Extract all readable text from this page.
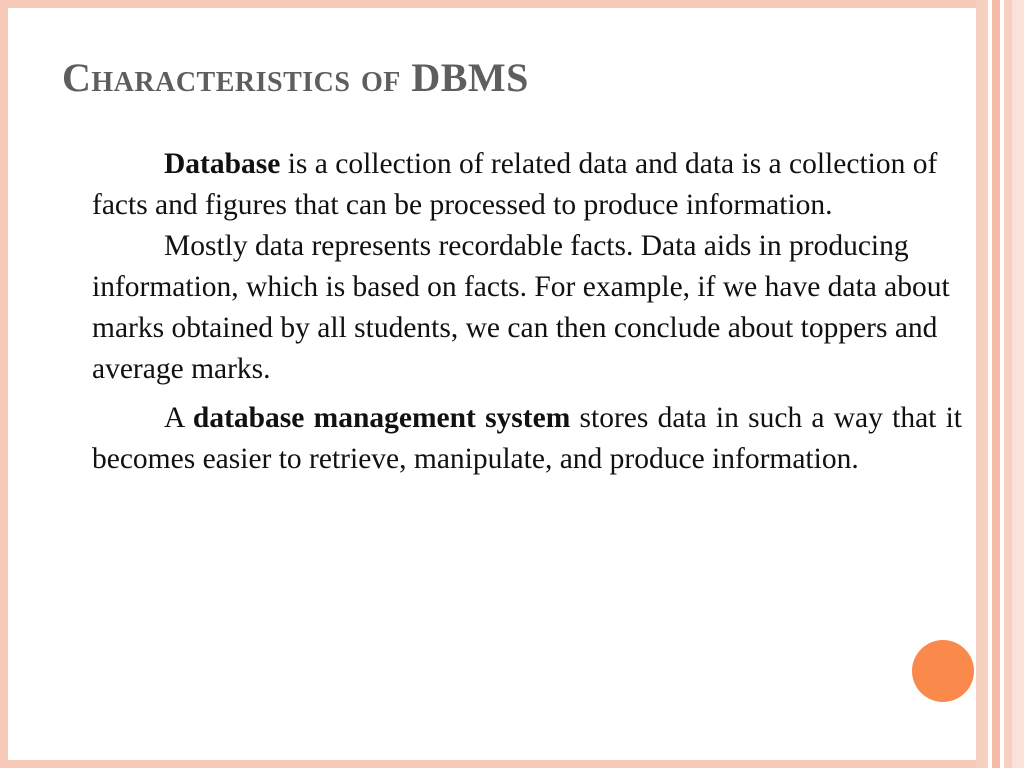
Characteristics of DBMS

Database is a collection of related data and data is a collection of facts and figures that can be processed to produce information.

Mostly data represents recordable facts. Data aids in producing information, which is based on facts. For example, if we have data about marks obtained by all students, we can then conclude about toppers and average marks.

A database management system stores data in such a way that it becomes easier to retrieve, manipulate, and produce information.
